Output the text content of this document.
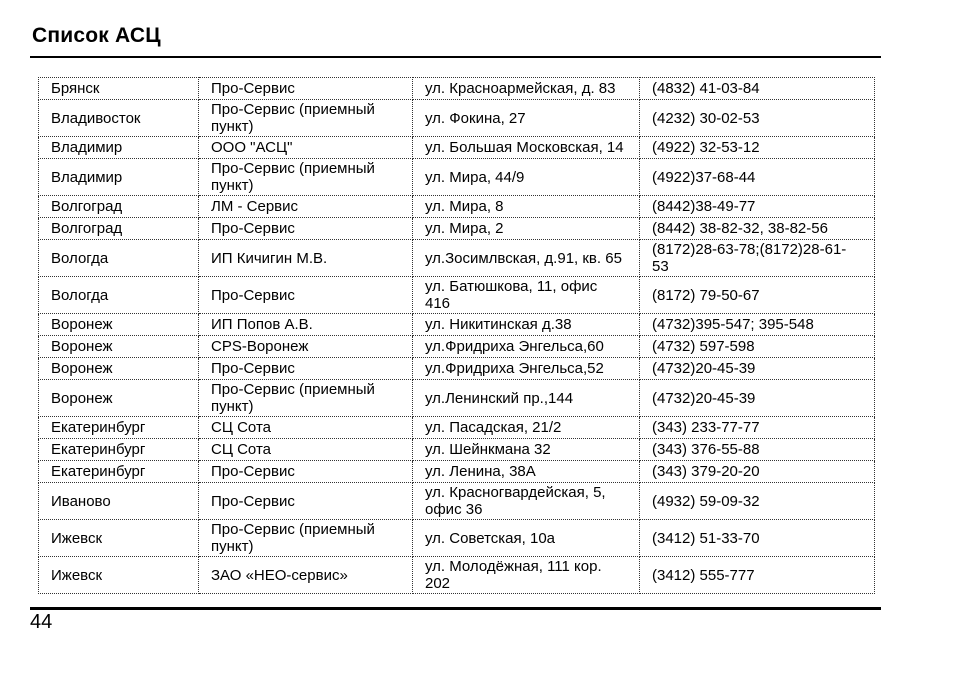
Список АСЦ
Брянск	Про-Сервис	ул. Красноармейская, д. 83	(4832) 41-03-84
Владивосток	Про-Сервис (приемный пункт)	ул. Фокина, 27	(4232) 30-02-53
Владимир	ООО "АСЦ"	ул. Большая Московская, 14	(4922) 32-53-12
Владимир	Про-Сервис (приемный пункт)	ул. Мира, 44/9	(4922)37-68-44
Волгоград	ЛМ - Сервис	ул. Мира, 8	(8442)38-49-77
Волгоград	Про-Сервис	ул. Мира, 2	(8442) 38-82-32, 38-82-56
Вологда	ИП Кичигин М.В.	ул.Зосимлвская, д.91, кв. 65	(8172)28-63-78;(8172)28-61-53
Вологда	Про-Сервис	ул. Батюшкова, 11, офис 416	(8172) 79-50-67
Воронеж	ИП Попов А.В.	ул. Никитинская д.38	(4732)395-547; 395-548
Воронеж	CPS-Воронеж	ул.Фридриха Энгельса,60	(4732) 597-598
Воронеж	Про-Сервис	ул.Фридриха Энгельса,52	(4732)20-45-39
Воронеж	Про-Сервис (приемный пункт)	ул.Ленинский пр.,144	(4732)20-45-39
Екатеринбург	СЦ Сота	ул. Пасадская, 21/2	(343) 233-77-77
Екатеринбург	СЦ Сота	ул. Шейнкмана 32	(343) 376-55-88
Екатеринбург	Про-Сервис	ул. Ленина, 38А	(343) 379-20-20
Иваново	Про-Сервис	ул. Красногвардейская, 5, офис 36	(4932) 59-09-32
Ижевск	Про-Сервис (приемный пункт)	ул. Советская, 10а	(3412) 51-33-70
Ижевск	ЗАО «НЕО-сервис»	ул. Молодёжная, 111 кор. 202	(3412) 555-777
44
